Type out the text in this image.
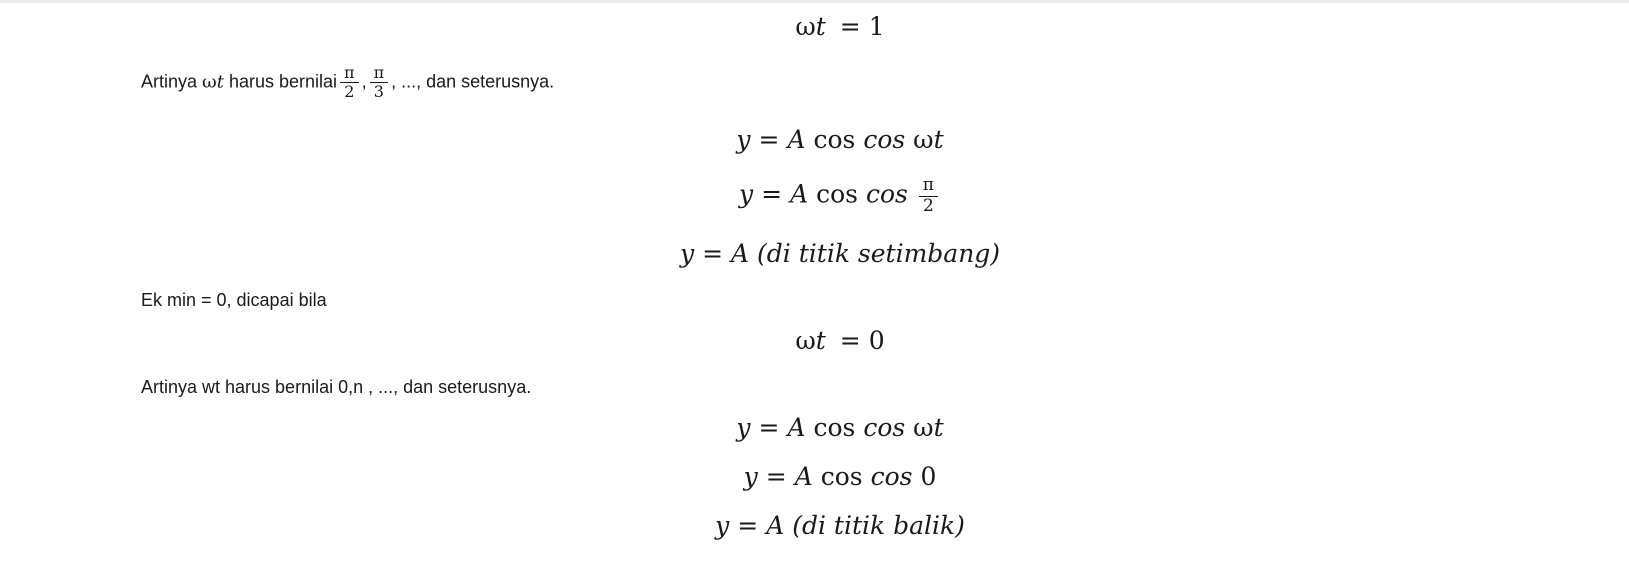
ωt = 1
Artinya ωt harus bernilai $\frac{\pi}{2}$ , $\frac{\pi}{3}$ , ..., dan seterusnya.
y = A cos cos ωt
y = A $\cos \cos \frac{\pi}{2}$
y = A (di titik setimbang)
Ek min = 0, dicapai bila
ωt = 0
Artinya wt harus bernilai 0,n , ..., dan seterusnya.
y = A cos cos ωt
y = A cos cos 0
y = A (di titik balik)
